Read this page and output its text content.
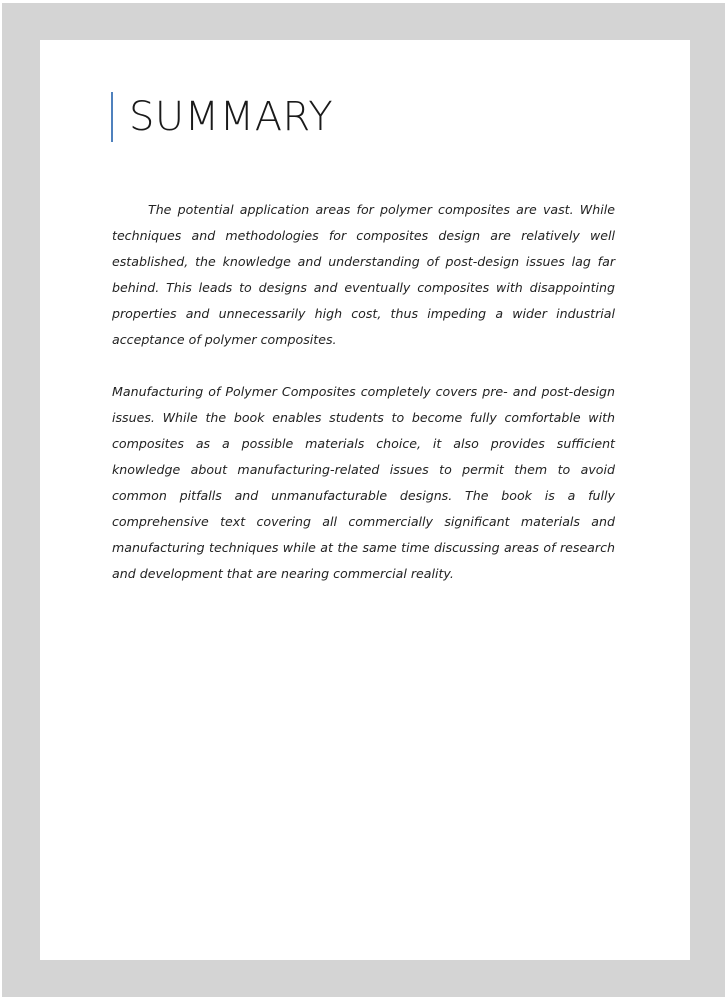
SUMMARY

The potential application areas for polymer composites are vast. While techniques and methodologies for composites design are relatively well established, the knowledge and understanding of post-design issues lag far behind. This leads to designs and eventually composites with disappointing properties and unnecessarily high cost, thus impeding a wider industrial acceptance of polymer composites.

Manufacturing of Polymer Composites completely covers pre- and post-design issues. While the book enables students to become fully comfortable with composites as a possible materials choice, it also provides sufficient knowledge about manufacturing-related issues to permit them to avoid common pitfalls and unmanufacturable designs. The book is a fully comprehensive text covering all commercially significant materials and manufacturing techniques while at the same time discussing areas of research and development that are nearing commercial reality.
